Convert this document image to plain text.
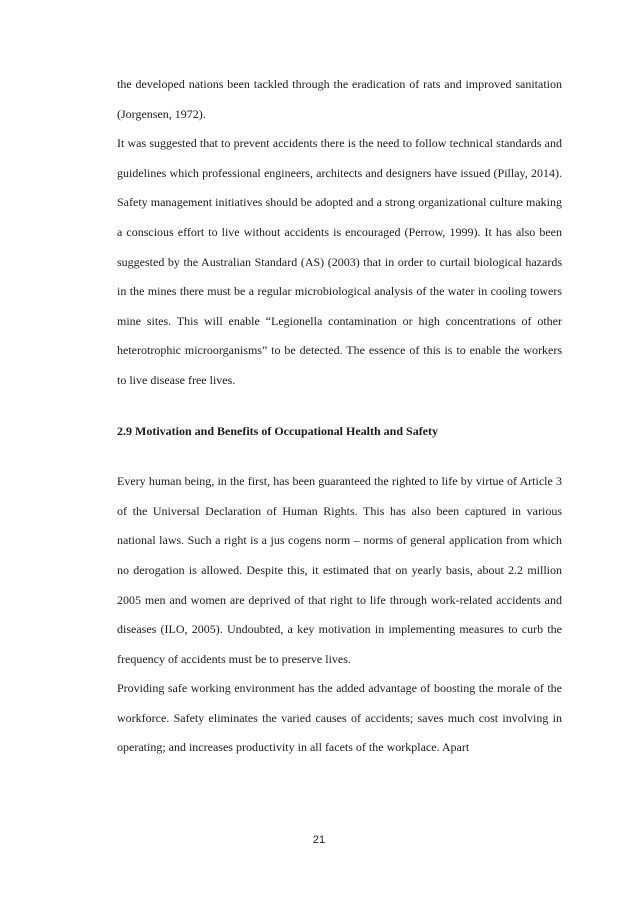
the developed nations been tackled through the eradication of rats and improved sanitation (Jorgensen, 1972).

It was suggested that to prevent accidents there is the need to follow technical standards and guidelines which professional engineers, architects and designers have issued (Pillay, 2014). Safety management initiatives should be adopted and a strong organizational culture making a conscious effort to live without accidents is encouraged (Perrow, 1999). It has also been suggested by the Australian Standard (AS) (2003) that in order to curtail biological hazards in the mines there must be a regular microbiological analysis of the water in cooling towers mine sites. This will enable “Legionella contamination or high concentrations of other heterotrophic microorganisms” to be detected. The essence of this is to enable the workers to live disease free lives.

2.9 Motivation and Benefits of Occupational Health and Safety

Every human being, in the first, has been guaranteed the righted to life by virtue of Article 3 of the Universal Declaration of Human Rights. This has also been captured in various national laws. Such a right is a jus cogens norm – norms of general application from which no derogation is allowed. Despite this, it estimated that on yearly basis, about 2.2 million 2005 men and women are deprived of that right to life through work-related accidents and diseases (ILO, 2005). Undoubted, a key motivation in implementing measures to curb the frequency of accidents must be to preserve lives.

Providing safe working environment has the added advantage of boosting the morale of the workforce. Safety eliminates the varied causes of accidents; saves much cost involving in operating; and increases productivity in all facets of the workplace. Apart

21
